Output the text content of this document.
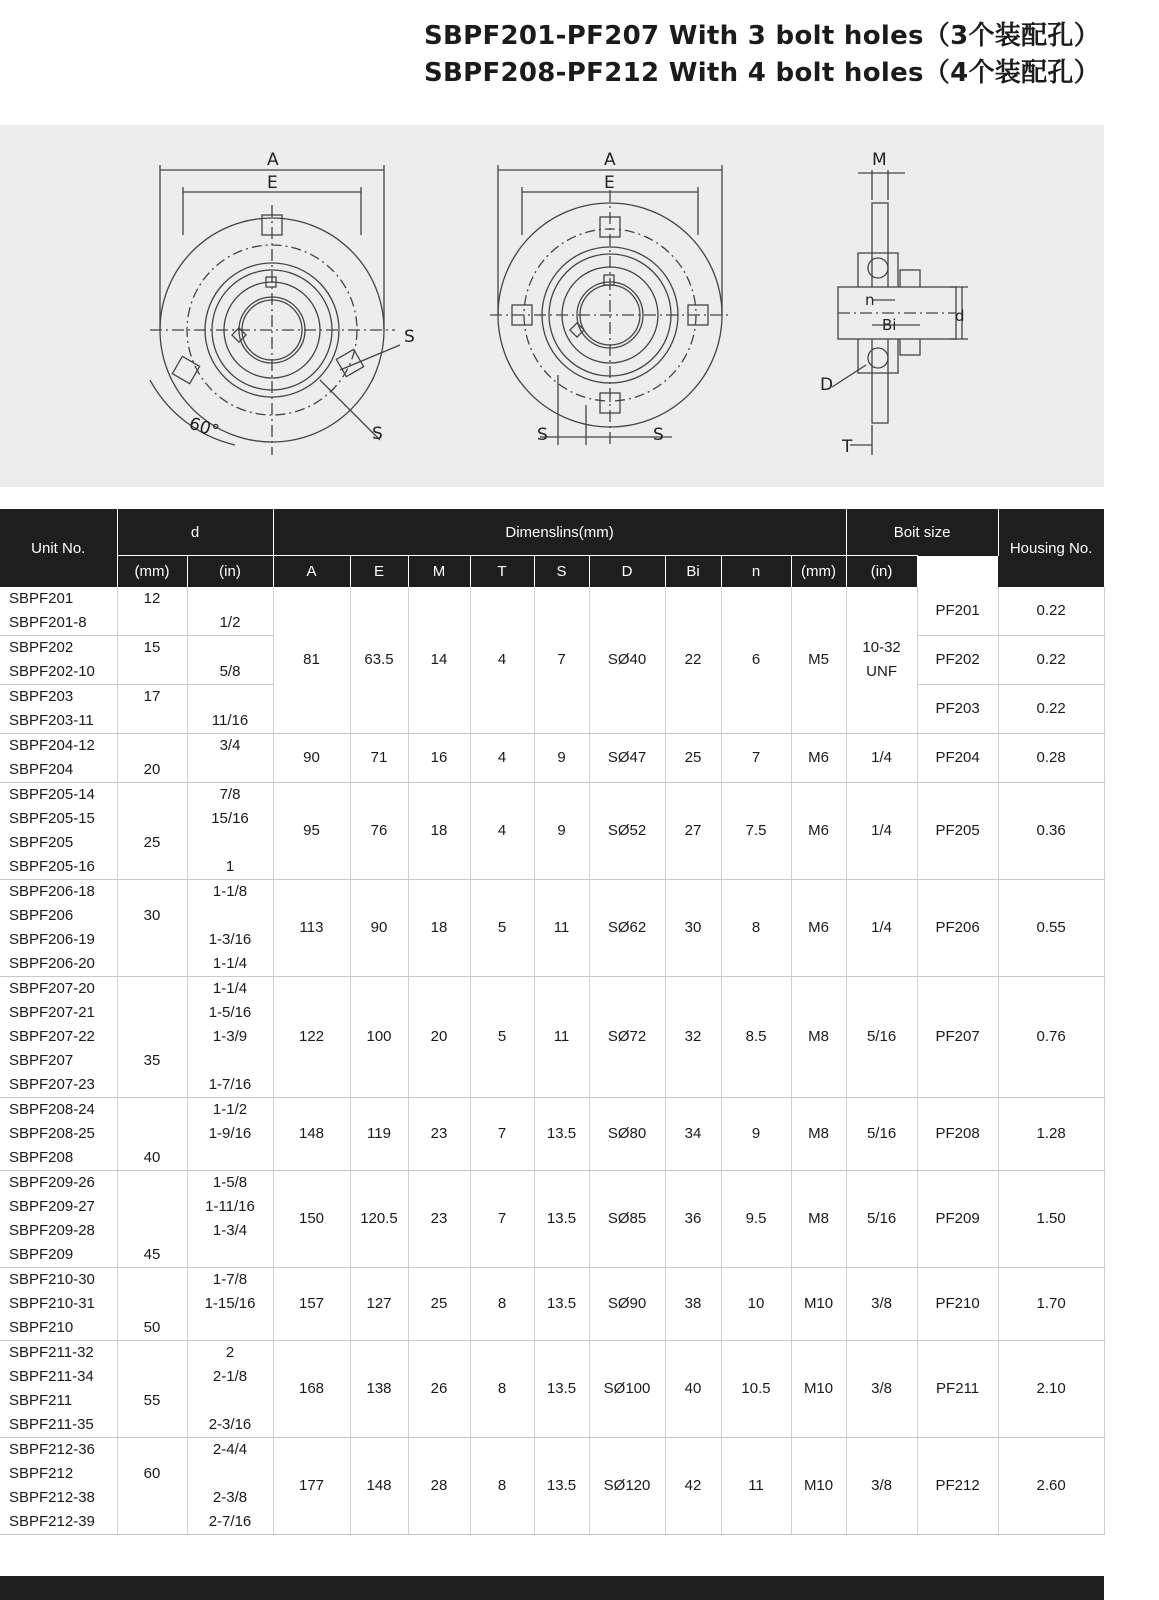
SBPF201-PF207 With 3 bolt holes（3个装配孔）
SBPF208-PF212 With 4 bolt holes（4个装配孔）
A
E
S
S
60°
A
E
S	S
M
n
Bi	d
D
T
Unit No.	d		Dimenslins(mm)									Boit size		Housing No.	Weinght kg
	(mm)	(in)	A	E	M	T	S	D	Bi	n	(mm)	(in)			
SBPF201	12		81	63.5	14	4	7	SØ40	22	6	M5	10-32 UNF	PF201	0.22	
SBPF201-8		1/2													
SBPF202	15												PF202	0.22	
SBPF202-10		5/8													
SBPF203	17												PF203	0.22	
SBPF203-11		11/16													
SBPF204-12		3/4	90	71	16	4	9	SØ47	25	7	M6	1/4	PF204	0.28	
SBPF204	20														
SBPF205-14		7/8	95	76	18	4	9	SØ52	27	7.5	M6	1/4	PF205	0.36	
SBPF205-15		15/16													
SBPF205	25														
SBPF205-16		1													
SBPF206-18		1-1/8	113	90	18	5	11	SØ62	30	8	M6	1/4	PF206	0.55	
SBPF206	30														
SBPF206-19		1-3/16													
SBPF206-20		1-1/4													
SBPF207-20		1-1/4	122	100	20	5	11	SØ72	32	8.5	M8	5/16	PF207	0.76	
SBPF207-21		1-5/16													
SBPF207-22		1-3/9													
SBPF207	35														
SBPF207-23		1-7/16													
SBPF208-24		1-1/2	148	119	23	7	13.5	SØ80	34	9	M8	5/16	PF208	1.28	
SBPF208-25		1-9/16													
SBPF208	40														
SBPF209-26		1-5/8	150	120.5	23	7	13.5	SØ85	36	9.5	M8	5/16	PF209	1.50	
SBPF209-27		1-11/16													
SBPF209-28		1-3/4													
SBPF209	45														
SBPF210-30		1-7/8	157	127	25	8	13.5	SØ90	38	10	M10	3/8	PF210	1.70	
SBPF210-31		1-15/16													
SBPF210	50														
SBPF211-32		2	168	138	26	8	13.5	SØ100	40	10.5	M10	3/8	PF211	2.10	
SBPF211-34		2-1/8													
SBPF211	55														
SBPF211-35		2-3/16													
SBPF212-36		2-4/4	177	148	28	8	13.5	SØ120	42	11	M10	3/8	PF212	2.60	
SBPF212	60														
SBPF212-38		2-3/8													
SBPF212-39		2-7/16													
